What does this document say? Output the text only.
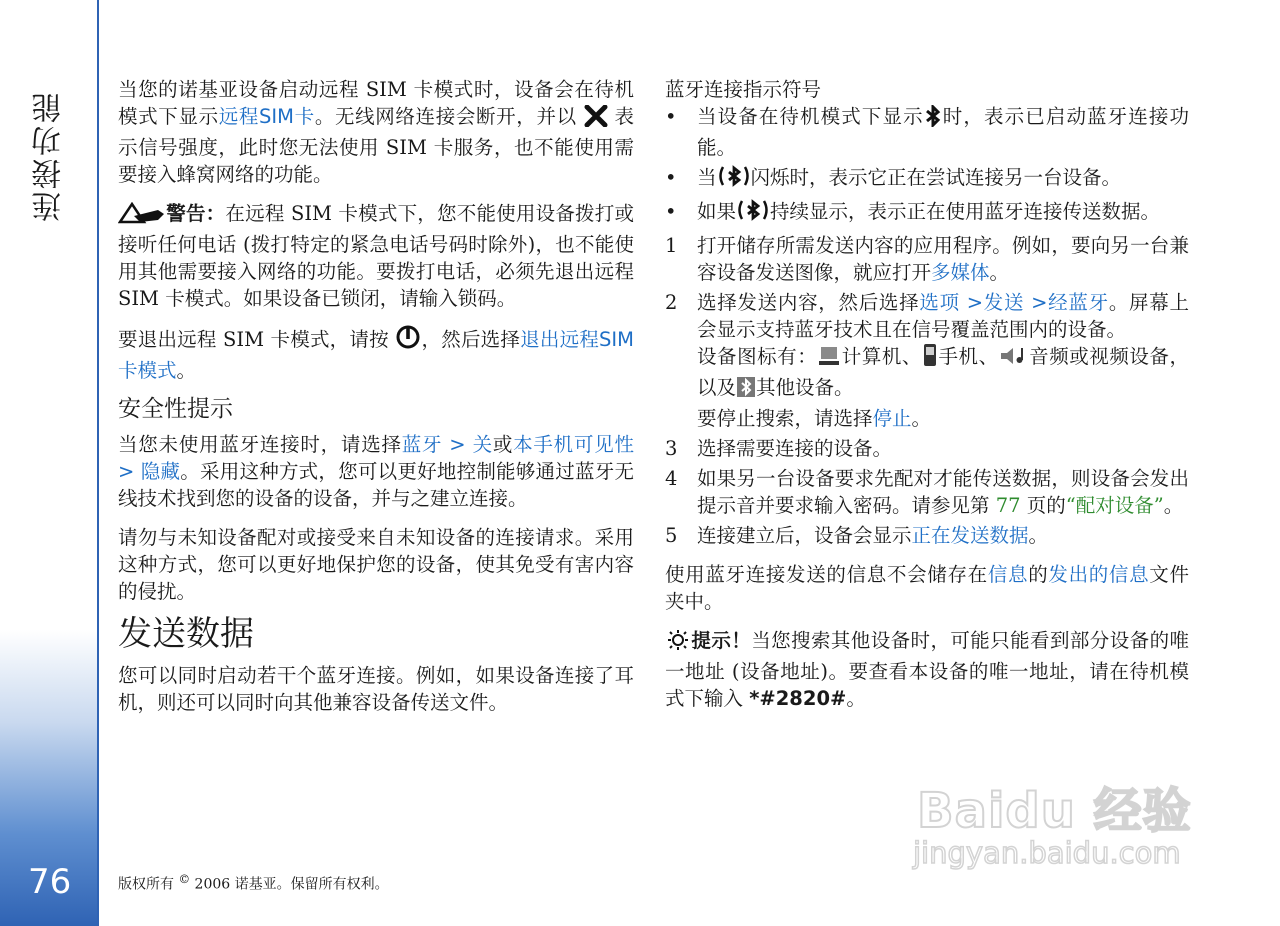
连接功能
76

当您的诺基亚设备启动远程 SIM 卡模式时，设备会在待机模式下显示远程SIM卡。无线网络连接会断开，并以 表示信号强度，此时您无法使用 SIM 卡服务，也不能使用需要接入蜂窝网络的功能。

警告：在远程 SIM 卡模式下，您不能使用设备拨打或接听任何电话 (拨打特定的紧急电话号码时除外)，也不能使用其他需要接入网络的功能。要拨打电话，必须先退出远程 SIM 卡模式。如果设备已锁闭，请输入锁码。

要退出远程 SIM 卡模式，请按 ，然后选择退出远程SIM卡模式。

安全性提示

当您未使用蓝牙连接时，请选择蓝牙 > 关或本手机可见性 > 隐藏。采用这种方式，您可以更好地控制能够通过蓝牙无线技术找到您的设备的设备，并与之建立连接。

请勿与未知设备配对或接受来自未知设备的连接请求。采用这种方式，您可以更好地保护您的设备，使其免受有害内容的侵扰。

发送数据

您可以同时启动若干个蓝牙连接。例如，如果设备连接了耳机，则还可以同时向其他兼容设备传送文件。

蓝牙连接指示符号
• 当设备在待机模式下显示 时，表示已启动蓝牙连接功能。
• 当 闪烁时，表示它正在尝试连接另一台设备。
• 如果 持续显示，表示正在使用蓝牙连接传送数据。
1 打开储存所需发送内容的应用程序。例如，要向另一台兼容设备发送图像，就应打开多媒体。
2 选择发送内容，然后选择选项 >发送 >经蓝牙。屏幕上会显示支持蓝牙技术且在信号覆盖范围内的设备。
设备图标有： 计算机、 手机、 音频或视频设备，以及 其他设备。
要停止搜索，请选择停止。
3 选择需要连接的设备。
4 如果另一台设备要求先配对才能传送数据，则设备会发出提示音并要求输入密码。请参见第 77 页的“配对设备”。
5 连接建立后，设备会显示正在发送数据。

使用蓝牙连接发送的信息不会储存在信息的发出的信息文件夹中。

提示！当您搜索其他设备时，可能只能看到部分设备的唯一地址 (设备地址)。要查看本设备的唯一地址，请在待机模式下输入 *#2820#。

版权所有 © 2006 诺基亚。保留所有权利。
Baidu 经验
jingyan.baidu.com
